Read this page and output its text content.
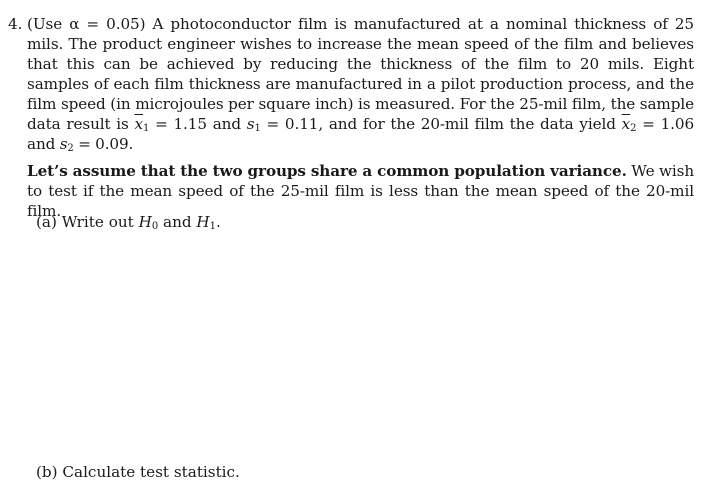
4. (Use α = 0.05) A photoconductor film is manufactured at a nominal thickness of 25 mils. The product engineer wishes to increase the mean speed of the film and believes that this can be achieved by reducing the thickness of the film to 20 mils. Eight samples of each film thickness are manufactured in a pilot production process, and the film speed (in microjoules per square inch) is measured. For the 25-mil film, the sample data result is $\overline{x}_1 = 1.15$ and $s_1 = 0.11$, and for the 20-mil film the data yield $\overline{x}_2 = 1.06$ and $s_2 = 0.09$.
Let’s assume that the two groups share a common population variance. We wish to test if the mean speed of the 25-mil film is less than the mean speed of the 20-mil film.
(a) Write out $H_0$ and $H_1$.
(b) Calculate test statistic.
